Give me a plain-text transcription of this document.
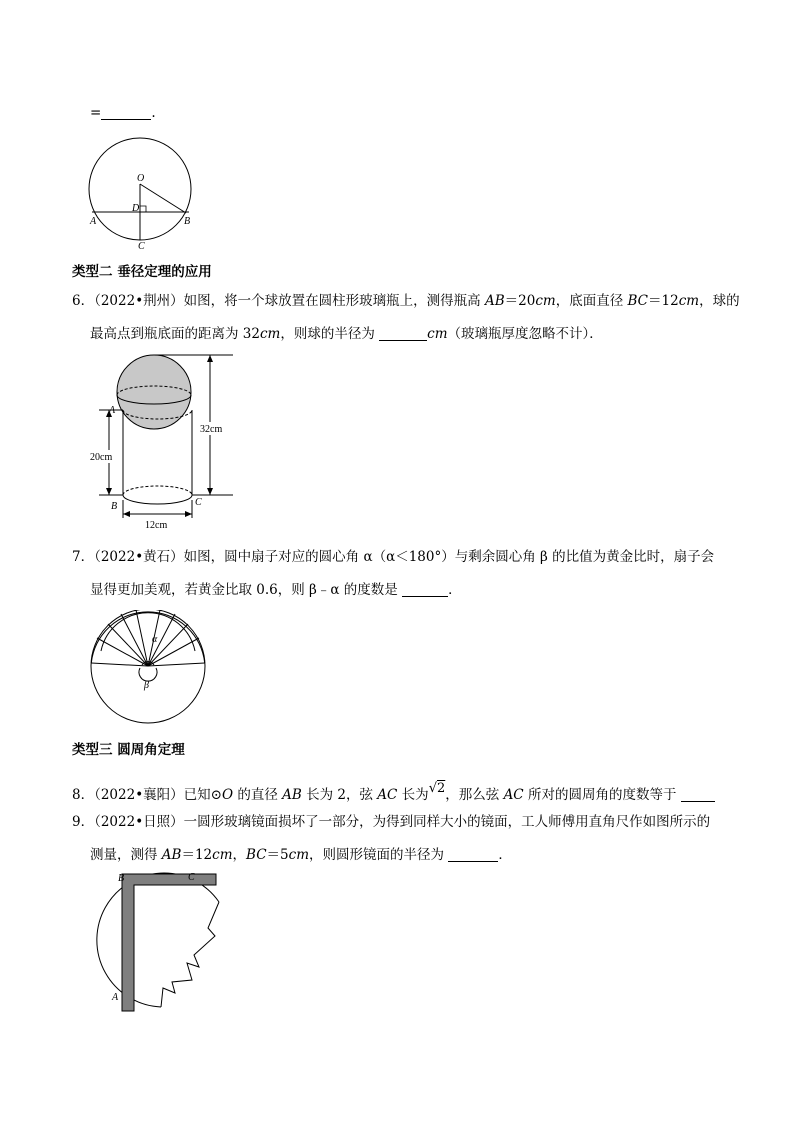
=	.
O
D
A	B
C
类型二 垂径定理的应用
6．（2022•荆州）如图，将一个球放置在圆柱形玻璃瓶上，测得瓶高 AB＝20cm，底面直径 BC＝12cm，球的
最高点到瓶底面的距离为 32cm，则球的半径为	cm（玻璃瓶厚度忽略不计）．
20cm
32cm
12cm
A
B	C
7．（2022•黄石）如图，圆中扇子对应的圆心角 α（α＜180°）与剩余圆心角 β 的比值为黄金比时，扇子会
显得更加美观，若黄金比取 0.6，则 β﹣α 的度数是	．
α
β
类型三 圆周角定理
8．（2022•襄阳）已知⊙O 的直径 AB 长为 2，弦 AC 长为√2，那么弦 AC 所对的圆周角的度数等于
9．（2022•日照）一圆形玻璃镜面损坏了一部分，为得到同样大小的镜面，工人师傅用直角尺作如图所示的
测量，测得 AB＝12cm，BC＝5cm，则圆形镜面的半径为	．
B	C
A
